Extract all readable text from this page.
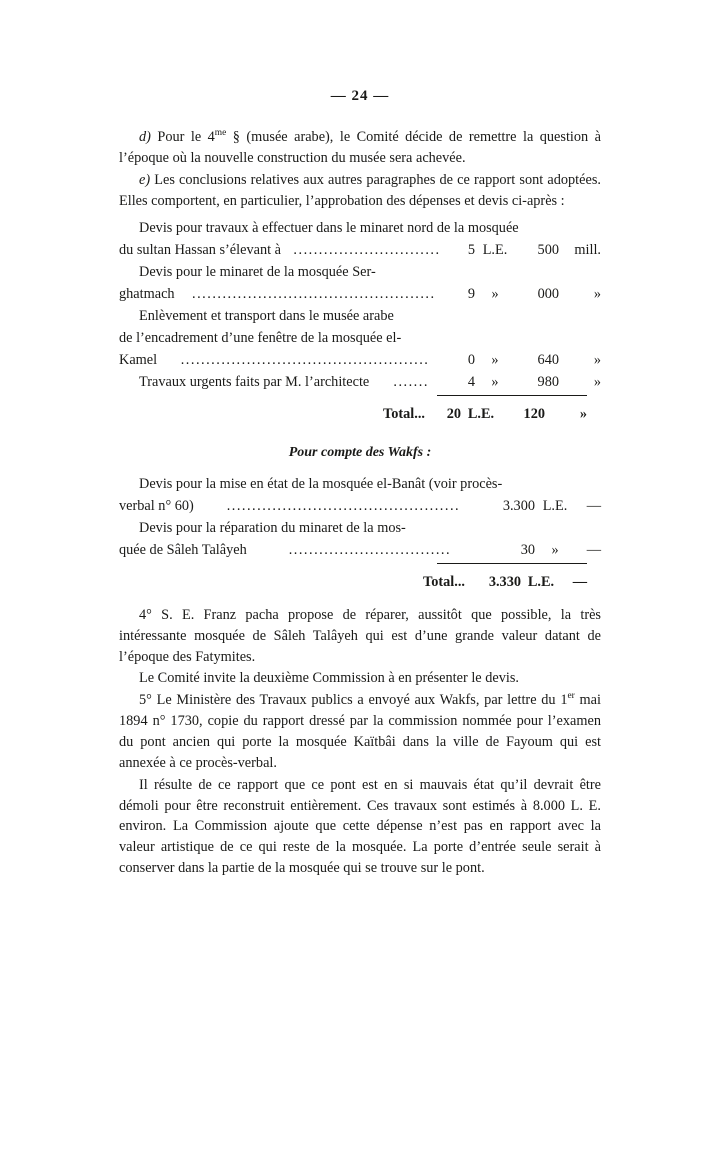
— 24 —

d) Pour le $4^{me}$ § (musée arabe), le Comité décide de remettre la question à l’époque où la nouvelle construction du musée sera achevée.

e) Les conclusions relatives aux autres paragraphes de ce rapport sont adoptées. Elles comportent, en particulier, l’approbation des dépenses et devis ci-après :

Devis pour travaux à effectuer dans le minaret nord de la mosquée
du sultan Hassan s’élevant à .............................	5 L.E.	500	mill.
Devis pour le minaret de la mosquée Ser-
ghatmach	................................................	9	»	000	»
Enlèvement et transport dans le musée arabe
de l’encadrement d’une fenêtre de la mosquée el-
Kamel	.................................................	0	»	640	»
Travaux urgents faits par M. l’architecte	.......	4	»	980	»
Total...	20 L.E.	120	»
Pour compte des Wakfs :
Devis pour la mise en état de la mosquée el-Banât (voir procès-
verbal n° 60)	..............................................	3.300 L.E.	—
Devis pour la réparation du minaret de la mos-
quée de Sâleh Talâyeh	................................	30	»	—
Total...	3.330 L.E.	—

4° S. E. Franz pacha propose de réparer, aussitôt que possible, la très intéressante mosquée de Sâleh Talâyeh qui est d’une grande valeur datant de l’époque des Fatymites.

Le Comité invite la deuxième Commission à en présenter le devis.

5° Le Ministère des Travaux publics a envoyé aux Wakfs, par lettre du 1er mai 1894 n° 1730, copie du rapport dressé par la commission nommée pour l’examen du pont ancien qui porte la mosquée Kaïtbâi dans la ville de Fayoum qui est annexée à ce procès-verbal.

Il résulte de ce rapport que ce pont est en si mauvais état qu’il devrait être démoli pour être reconstruit entièrement. Ces travaux sont estimés à 8.000 L. E. environ. La Commission ajoute que cette dépense n’est pas en rapport avec la valeur artistique de ce qui reste de la mosquée. La porte d’entrée seule serait à conserver dans la partie de la mosquée qui se trouve sur le pont.
